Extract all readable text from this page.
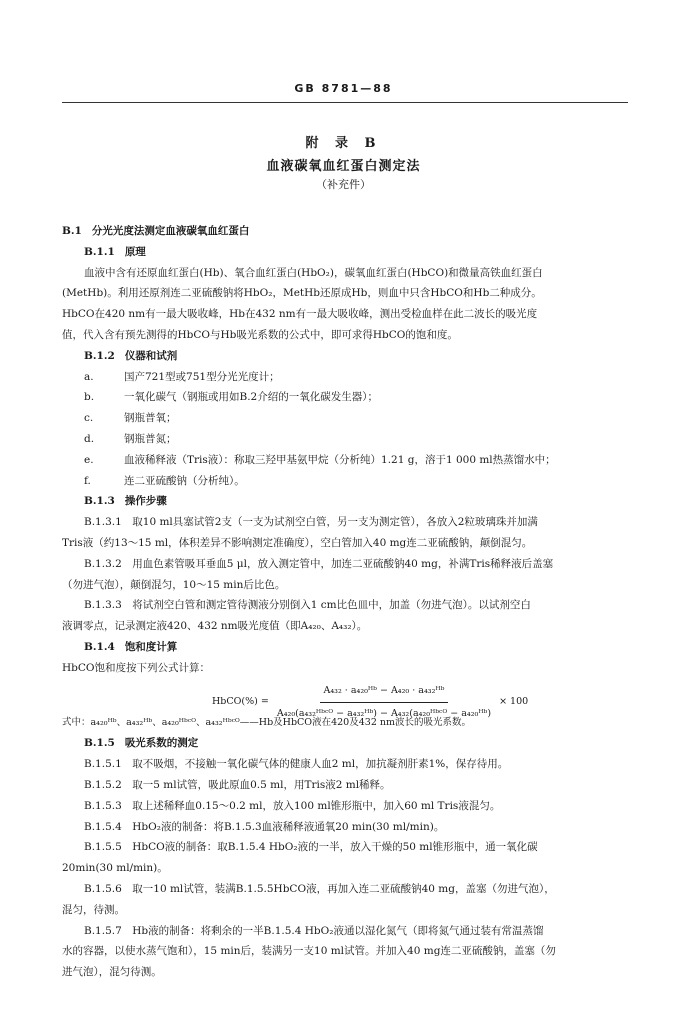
GB 8781—88
附 录 B
血液碳氧血红蛋白测定法
（补充件）
B.1 分光光度法测定血液碳氧血红蛋白
B.1.1 原理
血液中含有还原血红蛋白(Hb)、氧合血红蛋白(HbO₂)，碳氧血红蛋白(HbCO)和微量高铁血红蛋白
(MetHb)。利用还原剂连二亚硫酸钠将HbO₂，MetHb还原成Hb，则血中只含HbCO和Hb二种成分。
HbCO在420 nm有一最大吸收峰，Hb在432 nm有一最大吸收峰，测出受检血样在此二波长的吸光度
值，代入含有预先测得的HbCO与Hb吸光系数的公式中，即可求得HbCO的饱和度。
B.1.2 仪器和试剂
a.	国产721型或751型分光光度计；
b.	一氧化碳气（钢瓶或用如B.2介绍的一氧化碳发生器）；
c.	钢瓶普氧；
d.	钢瓶普氮；
e.	血液稀释液（Tris液）：称取三羟甲基氨甲烷（分析纯）1.21 g，溶于1 000 ml热蒸馏水中；
f.	连二亚硫酸钠（分析纯）。
B.1.3 操作步骤
B.1.3.1　取10 ml具塞试管2支（一支为试剂空白管，另一支为测定管），各放入2粒玻璃珠并加满
Tris液（约13～15 ml，体积差异不影响测定准确度），空白管加入40 mg连二亚硫酸钠，颠倒混匀。
B.1.3.2　用血色素管吸耳垂血5 μl，放入测定管中，加连二亚硫酸钠40 mg，补满Tris稀释液后盖塞
（勿进气泡），颠倒混匀，10～15 min后比色。
B.1.3.3　将试剂空白管和测定管待测液分别倒入1 cm比色皿中，加盖（勿进气泡）。以试剂空白
液调零点，记录测定液420、432 nm吸光度值（即A₄₂₀、A₄₃₂）。
B.1.4 饱和度计算
HbCO饱和度按下列公式计算：
HbCO(%) = $\frac{\text{A₄₃₂ · a₄₂₀ᴴᵇ − A₄₂₀ · a₄₃₂ᴴᵇ}}{\text{A₄₂₀(a₄₃₂ᴴᵇᶜᴼ − a₄₃₂ᴴᵇ) − A₄₃₂(a₄₂₀ᴴᵇᶜᴼ − a₄₂₀ᴴᵇ)}} \times 100$
式中：a₄₂₀ᴴᵇ、a₄₃₂ᴴᵇ、a₄₂₀ᴴᵇᶜᴼ、a₄₃₂ᴴᵇᶜᴼ——Hb及HbCO液在420及432 nm波长的吸光系数。
B.1.5 吸光系数的测定
B.1.5.1　取不吸烟，不接触一氧化碳气体的健康人血2 ml，加抗凝剂肝素1%，保存待用。
B.1.5.2　取一5 ml试管，吸此原血0.5 ml，用Tris液2 ml稀释。
B.1.5.3　取上述稀释血0.15～0.2 ml，放入100 ml锥形瓶中，加入60 ml Tris液混匀。
B.1.5.4　HbO₂液的制备：将B.1.5.3血液稀释液通氧20 min(30 ml/min)。
B.1.5.5　HbCO液的制备：取B.1.5.4 HbO₂液的一半，放入干燥的50 ml锥形瓶中，通一氧化碳
20min(30 ml/min)。
B.1.5.6　取一10 ml试管，装满B.1.5.5HbCO液，再加入连二亚硫酸钠40 mg，盖塞（勿进气泡），
混匀，待测。
B.1.5.7　Hb液的制备：将剩余的一半B.1.5.4 HbO₂液通以湿化氮气（即将氮气通过装有常温蒸馏
水的容器，以使水蒸气饱和），15 min后，装满另一支10 ml试管。并加入40 mg连二亚硫酸钠，盖塞（勿
进气泡），混匀待测。
